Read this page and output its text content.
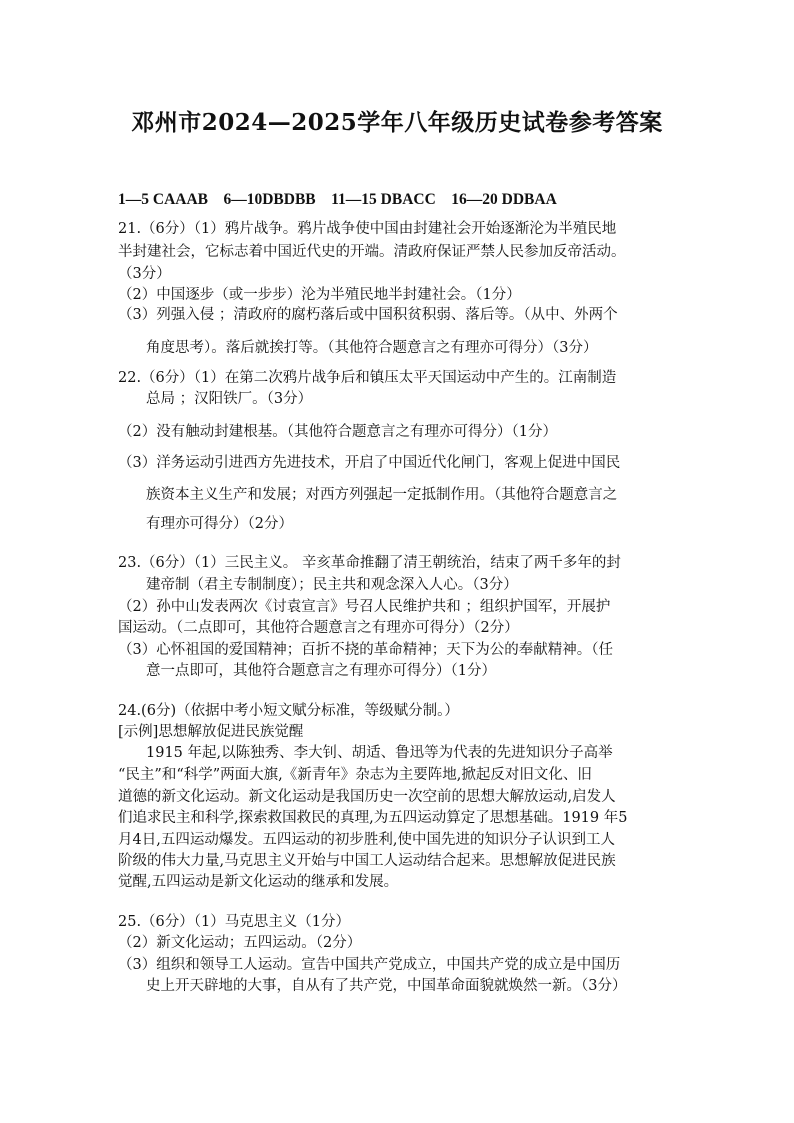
邓州市2024—2025学年八年级历史试卷参考答案
1—5 CAAAB　6—10DBDBB　11—15 DBACC　16—20 DDBAA
21.（6分）（1）鸦片战争。鸦片战争使中国由封建社会开始逐渐沦为半殖民地
半封建社会，它标志着中国近代史的开端。清政府保证严禁人民参加反帝活动。
（3分）
（2）中国逐步（或一步步）沦为半殖民地半封建社会。（1分）
（3）列强入侵 ；清政府的腐朽落后或中国积贫积弱、落后等。（从中、外两个
角度思考）。落后就挨打等。（其他符合题意言之有理亦可得分）（3分）
22.（6分）（1）在第二次鸦片战争后和镇压太平天国运动中产生的。江南制造
总局 ；汉阳铁厂。（3分）
（2）没有触动封建根基。（其他符合题意言之有理亦可得分）（1分）
（3）洋务运动引进西方先进技术，开启了中国近代化闸门，客观上促进中国民
族资本主义生产和发展；对西方列强起一定抵制作用。（其他符合题意言之
有理亦可得分）（2分）
23.（6分）（1）三民主义。 辛亥革命推翻了清王朝统治，结束了两千多年的封
建帝制（君主专制制度）；民主共和观念深入人心。（3分）
（2）孙中山发表两次《讨袁宣言》号召人民维护共和 ；组织护国军，开展护
国运动。（二点即可，其他符合题意言之有理亦可得分）（2分）
（3）心怀祖国的爱国精神；百折不挠的革命精神；天下为公的奉献精神。（任
意一点即可，其他符合题意言之有理亦可得分）（1分）
24.(6分)（依据中考小短文赋分标准，等级赋分制。）
[示例]思想解放促进民族觉醒
1915 年起,以陈独秀、李大钊、胡适、鲁迅等为代表的先进知识分子高举
“民主”和“科学”两面大旗,《新青年》杂志为主要阵地,掀起反对旧文化、旧
道德的新文化运动。新文化运动是我国历史一次空前的思想大解放运动,启发人
们追求民主和科学,探索救国救民的真理,为五四运动算定了思想基础。1919 年5
月4日,五四运动爆发。五四运动的初步胜利,使中国先进的知识分子认识到工人
阶级的伟大力量,马克思主义开始与中国工人运动结合起来。思想解放促进民族
觉醒,五四运动是新文化运动的继承和发展。
25.（6分）（1）马克思主义（1分）
（2）新文化运动；五四运动。（2分）
（3）组织和领导工人运动。宣告中国共产党成立，中国共产党的成立是中国历
史上开天辟地的大事，自从有了共产党，中国革命面貌就焕然一新。（3分）
